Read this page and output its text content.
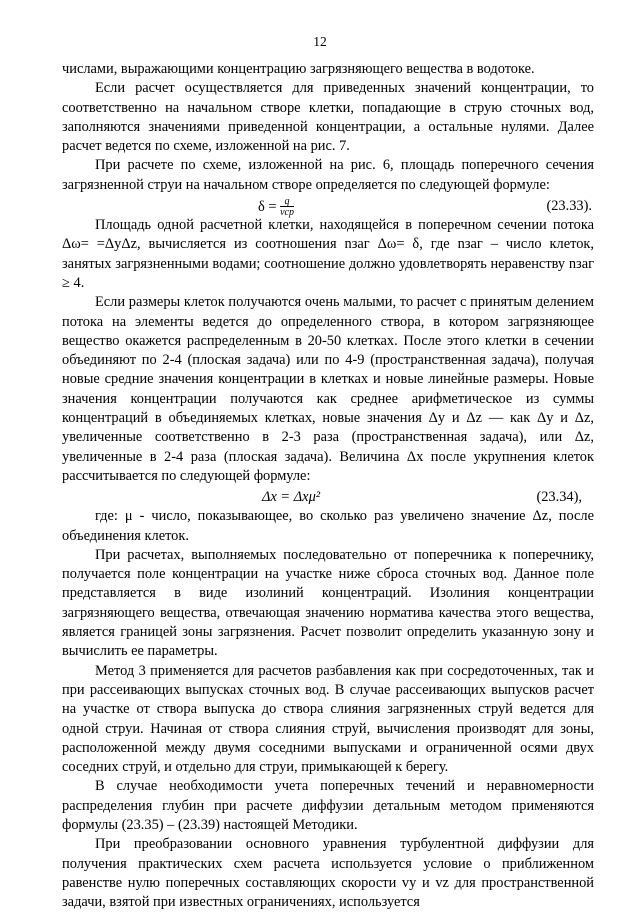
12

числами, выражающими концентрацию загрязняющего вещества в водотоке.

Если расчет осуществляется для приведенных значений концентрации, то соответственно на начальном створе клетки, попадающие в струю сточных вод, заполняются значениями приведенной концентрации, а остальные нулями. Далее расчет ведется по схеме, изложенной на рис. 7.

При расчете по схеме, изложенной на рис. 6, площадь поперечного сечения загрязненной струи на начальном створе определяется по следующей формуле:

$\delta = \frac{q}{\text{vср}}$	(23.33).

Площадь одной расчетной клетки, находящейся в поперечном сечении потока Δω= =ΔyΔz, вычисляется из соотношения nзаг Δω= δ, где nзаг – число клеток, занятых загрязненными водами; соотношение должно удовлетворять неравенству nзаг ≥ 4.

Если размеры клеток получаются очень малыми, то расчет с принятым делением потока на элементы ведется до определенного створа, в котором загрязняющее вещество окажется распределенным в 20-50 клетках. После этого клетки в сечении объединяют по 2-4 (плоская задача) или по 4-9 (пространственная задача), получая новые средние значения концентрации в клетках и новые линейные размеры. Новые значения концентрации получаются как среднее арифметическое из суммы концентраций в объединяемых клетках, новые значения Δy и Δz — как Δy и Δz, увеличенные соответственно в 2-3 раза (пространственная задача), или Δz, увеличенные в 2-4 раза (плоская задача). Величина Δx после укрупнения клеток рассчитывается по следующей формуле:

Δx = Δxμ²	(23.34),

где: μ - число, показывающее, во сколько раз увеличено значение Δz, после объединения клеток.

При расчетах, выполняемых последовательно от поперечника к поперечнику, получается поле концентрации на участке ниже сброса сточных вод. Данное поле представляется в виде изолиний концентраций. Изолиния концентрации загрязняющего вещества, отвечающая значению норматива качества этого вещества, является границей зоны загрязнения. Расчет позволит определить указанную зону и вычислить ее параметры.

Метод 3 применяется для расчетов разбавления как при сосредоточенных, так и при рассеивающих выпусках сточных вод. В случае рассеивающих выпусков расчет на участке от створа выпуска до створа слияния загрязненных струй ведется для одной струи. Начиная от створа слияния струй, вычисления производят для зоны, расположенной между двумя соседними выпусками и ограниченной осями двух соседних струй, и отдельно для струи, примыкающей к берегу.

В случае необходимости учета поперечных течений и неравномерности распределения глубин при расчете диффузии детальным методом применяются формулы (23.35) – (23.39) настоящей Методики.

При преобразовании основного уравнения турбулентной диффузии для получения практических схем расчета используется условие о приближенном равенстве нулю поперечных составляющих скорости vy и vz для пространственной задачи, взятой при известных ограничениях, используется
